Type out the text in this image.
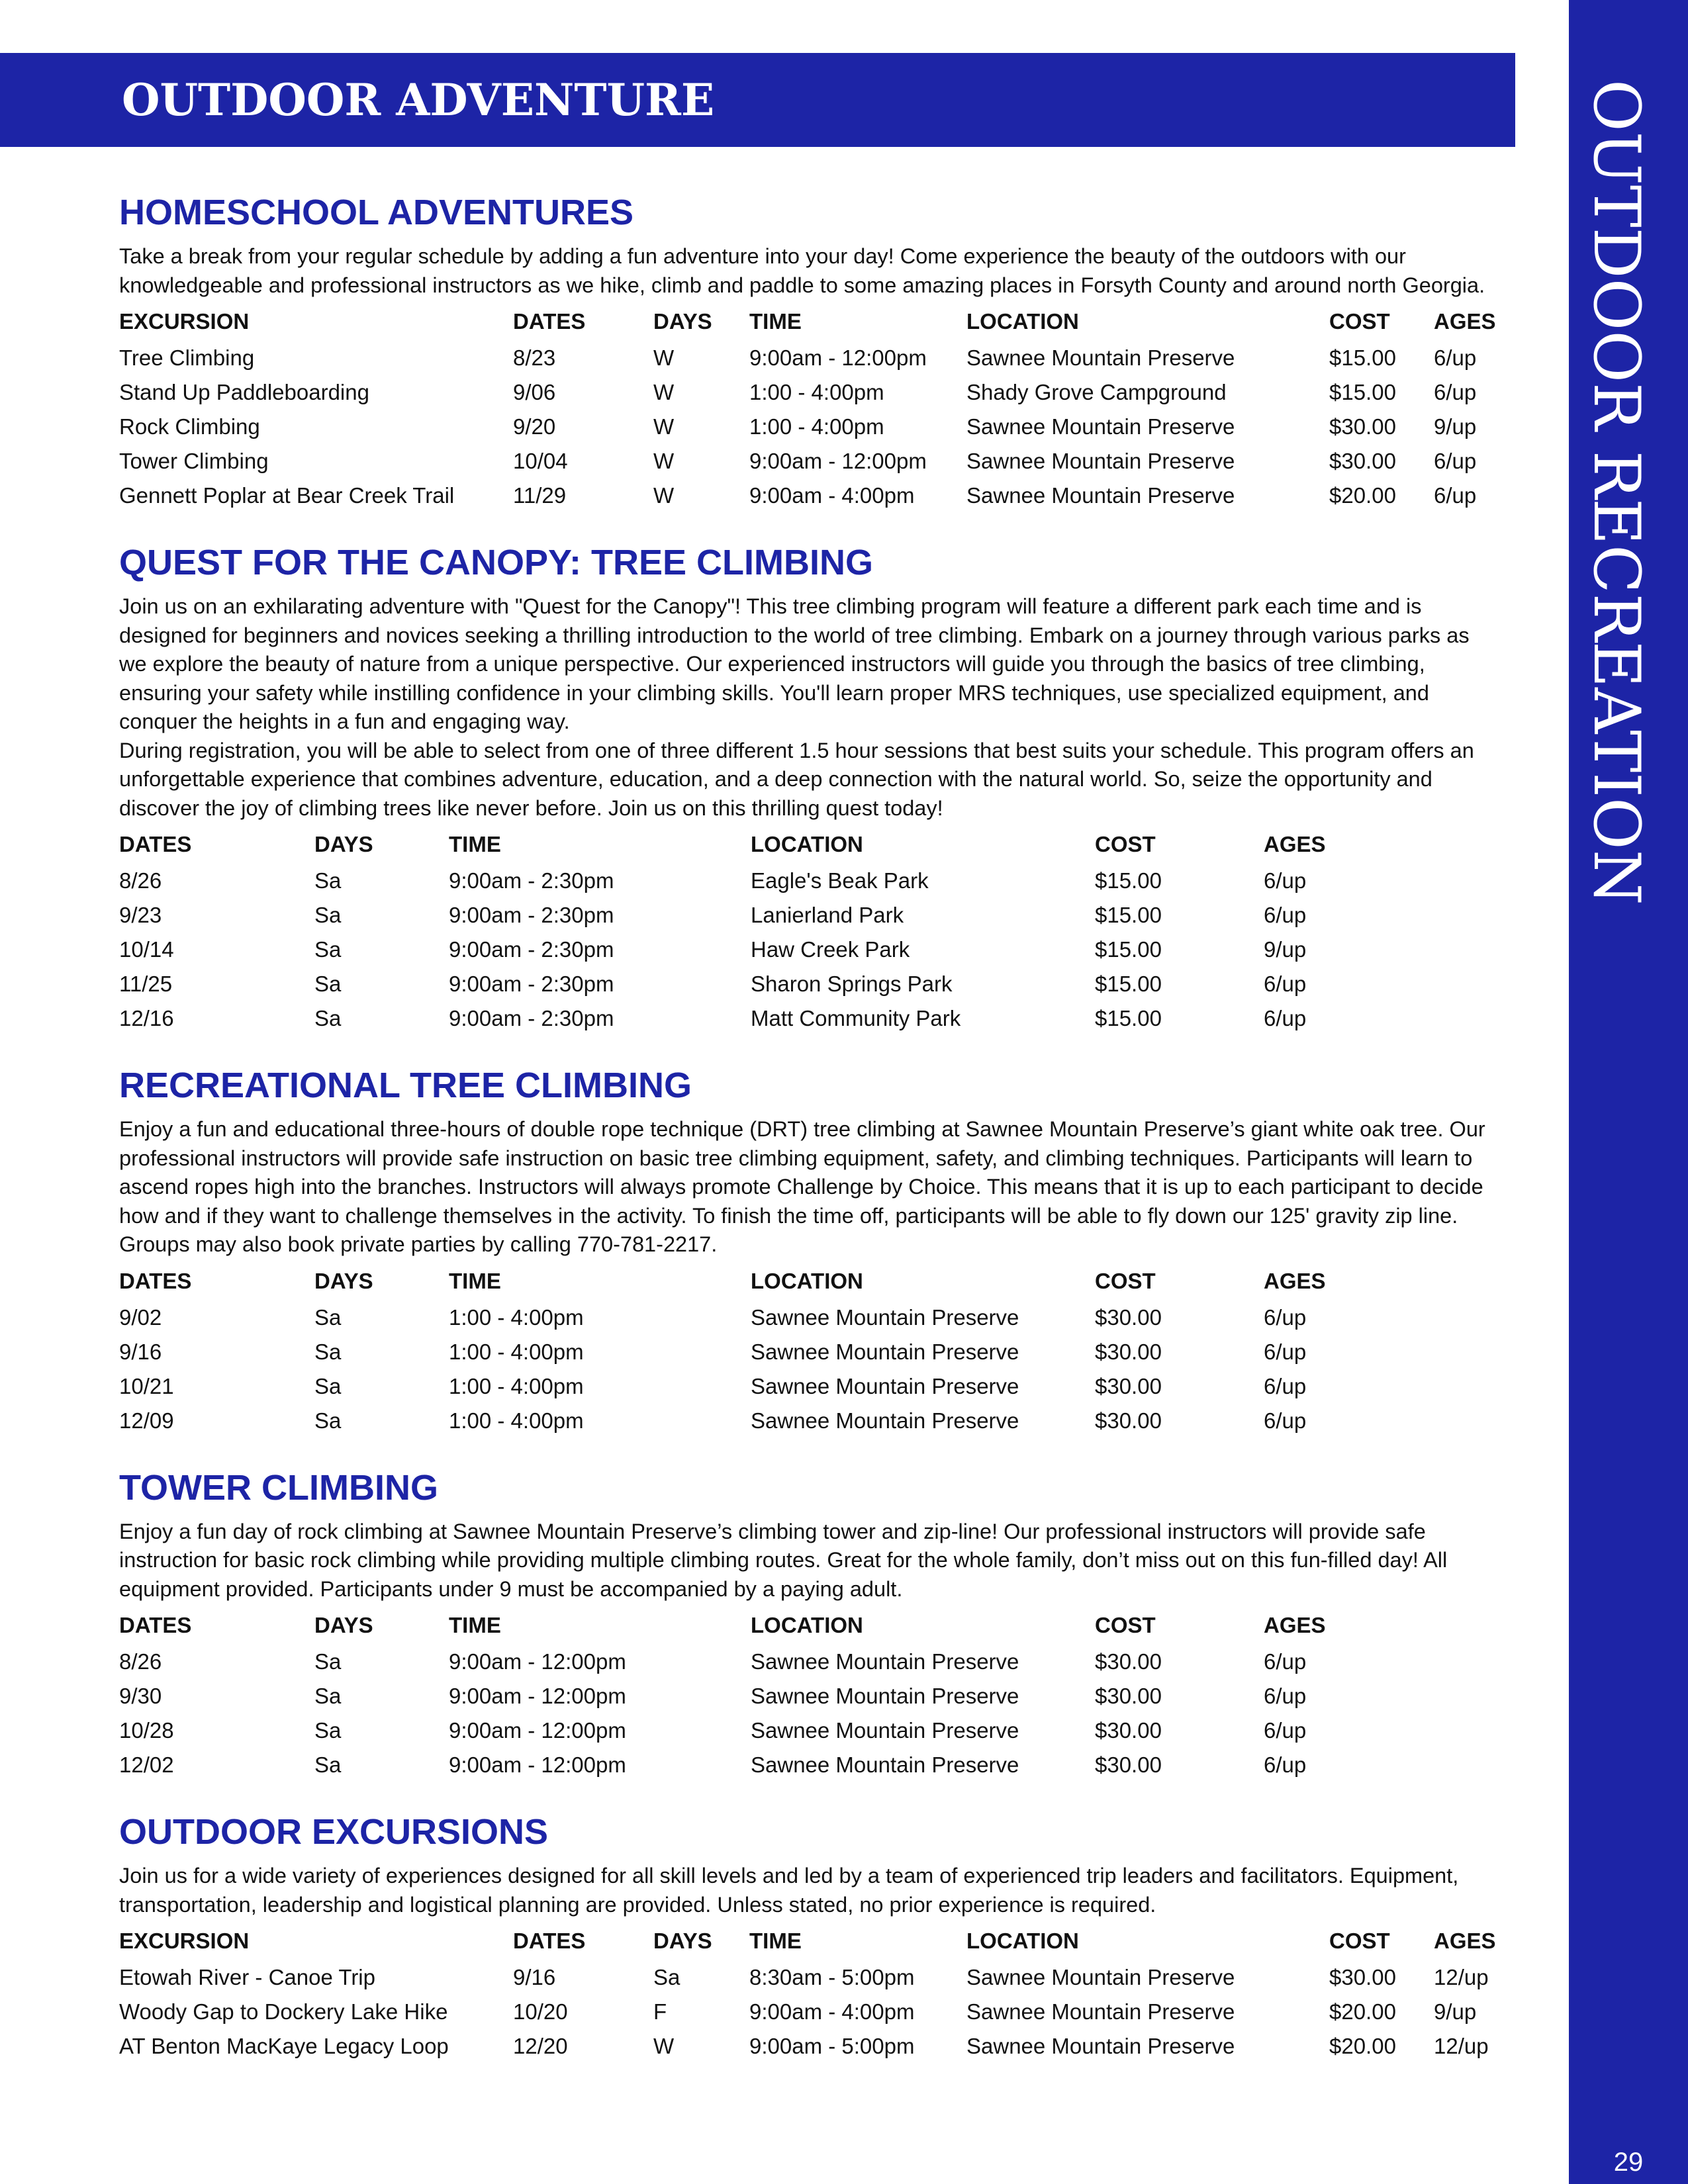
OUTDOOR ADVENTURE	OUTDOOR RECREATION
29
HOMESCHOOL ADVENTURES

Take a break from your regular schedule by adding a fun adventure into your day! Come experience the beauty of the outdoors with our knowledgeable and professional instructors as we hike, climb and paddle to some amazing places in Forsyth County and around north Georgia.

EXCURSION	DATES	DAYS	TIME	LOCATION	COST	AGES
Tree Climbing	8/23	W	9:00am - 12:00pm	Sawnee Mountain Preserve	$15.00	6/up
Stand Up Paddleboarding	9/06	W	1:00 - 4:00pm	Shady Grove Campground	$15.00	6/up
Rock Climbing	9/20	W	1:00 - 4:00pm	Sawnee Mountain Preserve	$30.00	9/up
Tower Climbing	10/04	W	9:00am - 12:00pm	Sawnee Mountain Preserve	$30.00	6/up
Gennett Poplar at Bear Creek Trail	11/29	W	9:00am - 4:00pm	Sawnee Mountain Preserve	$20.00	6/up
QUEST FOR THE CANOPY: TREE CLIMBING

Join us on an exhilarating adventure with "Quest for the Canopy"! This tree climbing program will feature a different park each time and is designed for beginners and novices seeking a thrilling introduction to the world of tree climbing. Embark on a journey through various parks as we explore the beauty of nature from a unique perspective. Our experienced instructors will guide you through the basics of tree climbing, ensuring your safety while instilling confidence in your climbing skills. You'll learn proper MRS techniques, use specialized equipment, and conquer the heights in a fun and engaging way.

During registration, you will be able to select from one of three different 1.5 hour sessions that best suits your schedule. This program offers an unforgettable experience that combines adventure, education, and a deep connection with the natural world. So, seize the opportunity and discover the joy of climbing trees like never before. Join us on this thrilling quest today!

DATES	DAYS	TIME	LOCATION	COST	AGES
8/26	Sa	9:00am - 2:30pm	Eagle's Beak Park	$15.00	6/up
9/23	Sa	9:00am - 2:30pm	Lanierland Park	$15.00	6/up
10/14	Sa	9:00am - 2:30pm	Haw Creek Park	$15.00	9/up
11/25	Sa	9:00am - 2:30pm	Sharon Springs Park	$15.00	6/up
12/16	Sa	9:00am - 2:30pm	Matt Community Park	$15.00	6/up
RECREATIONAL TREE CLIMBING

Enjoy a fun and educational three-hours of double rope technique (DRT) tree climbing at Sawnee Mountain Preserve’s giant white oak tree. Our professional instructors will provide safe instruction on basic tree climbing equipment, safety, and climbing techniques. Participants will learn to ascend ropes high into the branches. Instructors will always promote Challenge by Choice. This means that it is up to each participant to decide how and if they want to challenge themselves in the activity. To finish the time off, participants will be able to fly down our 125' gravity zip line. Groups may also book private parties by calling 770-781-2217.

DATES	DAYS	TIME	LOCATION	COST	AGES
9/02	Sa	1:00 - 4:00pm	Sawnee Mountain Preserve	$30.00	6/up
9/16	Sa	1:00 - 4:00pm	Sawnee Mountain Preserve	$30.00	6/up
10/21	Sa	1:00 - 4:00pm	Sawnee Mountain Preserve	$30.00	6/up
12/09	Sa	1:00 - 4:00pm	Sawnee Mountain Preserve	$30.00	6/up
TOWER CLIMBING

Enjoy a fun day of rock climbing at Sawnee Mountain Preserve’s climbing tower and zip-line! Our professional instructors will provide safe instruction for basic rock climbing while providing multiple climbing routes. Great for the whole family, don’t miss out on this fun-filled day! All equipment provided. Participants under 9 must be accompanied by a paying adult.

DATES	DAYS	TIME	LOCATION	COST	AGES
8/26	Sa	9:00am - 12:00pm	Sawnee Mountain Preserve	$30.00	6/up
9/30	Sa	9:00am - 12:00pm	Sawnee Mountain Preserve	$30.00	6/up
10/28	Sa	9:00am - 12:00pm	Sawnee Mountain Preserve	$30.00	6/up
12/02	Sa	9:00am - 12:00pm	Sawnee Mountain Preserve	$30.00	6/up
OUTDOOR EXCURSIONS

Join us for a wide variety of experiences designed for all skill levels and led by a team of experienced trip leaders and facilitators. Equipment, transportation, leadership and logistical planning are provided. Unless stated, no prior experience is required.

EXCURSION	DATES	DAYS	TIME	LOCATION	COST	AGES
Etowah River - Canoe Trip	9/16	Sa	8:30am - 5:00pm	Sawnee Mountain Preserve	$30.00	12/up
Woody Gap to Dockery Lake Hike	10/20	F	9:00am - 4:00pm	Sawnee Mountain Preserve	$20.00	9/up
AT Benton MacKaye Legacy Loop	12/20	W	9:00am - 5:00pm	Sawnee Mountain Preserve	$20.00	12/up
